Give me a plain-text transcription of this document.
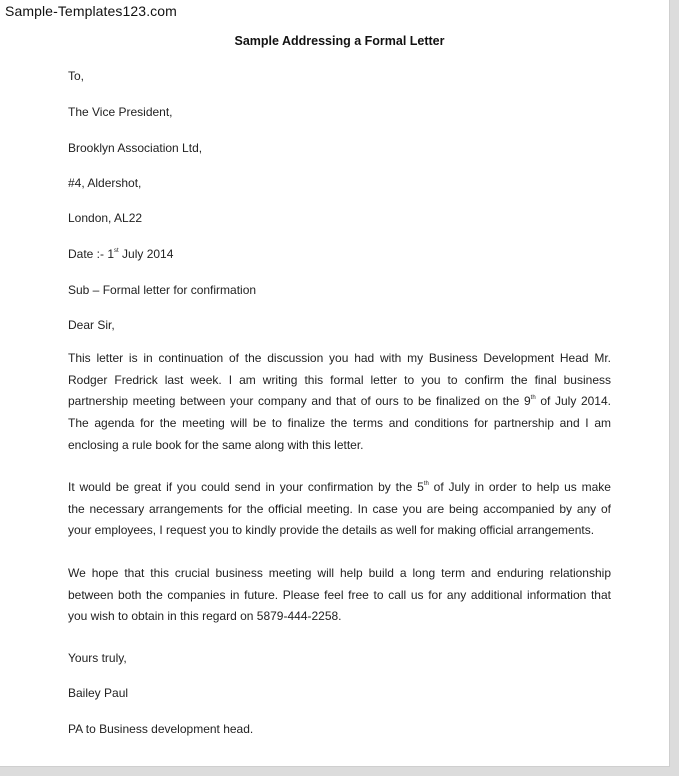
Sample-Templates123.com
Sample Addressing a Formal Letter
To,
The Vice President,
Brooklyn Association Ltd,
#4, Aldershot,
London, AL22
Date :- 1st July 2014
Sub – Formal letter for confirmation
Dear Sir,
This letter is in continuation of the discussion you had with my Business Development Head Mr.
Rodger Fredrick last week. I am writing this formal letter to you to confirm the final business
partnership meeting between your company and that of ours to be finalized on the 9th of July 2014.
The agenda for the meeting will be to finalize the terms and conditions for partnership and I am
enclosing a rule book for the same along with this letter.
It would be great if you could send in your confirmation by the 5th of July in order to help us make
the necessary arrangements for the official meeting. In case you are being accompanied by any of
your employees, I request you to kindly provide the details as well for making official arrangements.
We hope that this crucial business meeting will help build a long term and enduring relationship
between both the companies in future. Please feel free to call us for any additional information that
you wish to obtain in this regard on 5879-444-2258.
Yours truly,
Bailey Paul
PA to Business development head.
